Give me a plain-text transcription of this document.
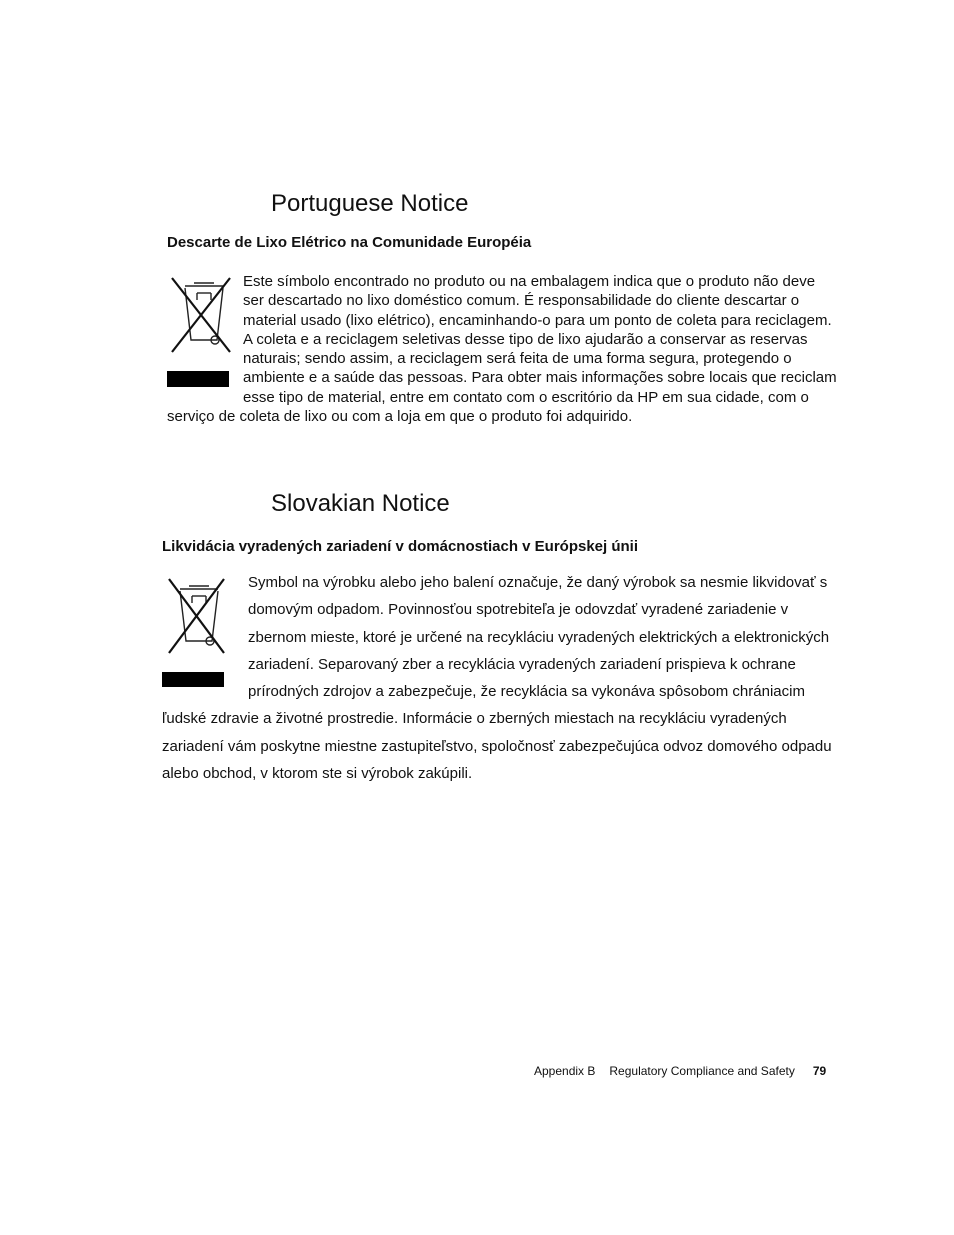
Portuguese Notice
Descarte de Lixo Elétrico na Comunidade Européia

Este símbolo encontrado no produto ou na embalagem indica que o produto não deve ser descartado no lixo doméstico comum. É responsabilidade do cliente descartar o material usado (lixo elétrico), encaminhando-o para um ponto de coleta para reciclagem. A coleta e a reciclagem seletivas desse tipo de lixo ajudarão a conservar as reservas naturais; sendo assim, a reciclagem será feita de uma forma segura, protegendo o ambiente e a saúde das pessoas. Para obter mais informações sobre locais que reciclam esse tipo de material, entre em contato com o escritório da HP em sua cidade, com o serviço de coleta de lixo ou com a loja em que o produto foi adquirido.

Slovakian Notice
Likvidácia vyradených zariadení v domácnostiach v Európskej únii

Symbol na výrobku alebo jeho balení označuje, že daný výrobok sa nesmie likvidovať s domovým odpadom. Povinnosťou spotrebiteľa je odovzdať vyradené zariadenie v zbernom mieste, ktoré je určené na recykláciu vyradených elektrických a elektronických zariadení. Separovaný zber a recyklácia vyradených zariadení prispieva k ochrane prírodných zdrojov a zabezpečuje, že recyklácia sa vykonáva spôsobom chrániacim ľudské zdravie a životné prostredie. Informácie o zberných miestach na recykláciu vyradených zariadení vám poskytne miestne zastupiteľstvo, spoločnosť zabezpečujúca odvoz domového odpadu alebo obchod, v ktorom ste si výrobok zakúpili.

Appendix B Regulatory Compliance and Safety 79
